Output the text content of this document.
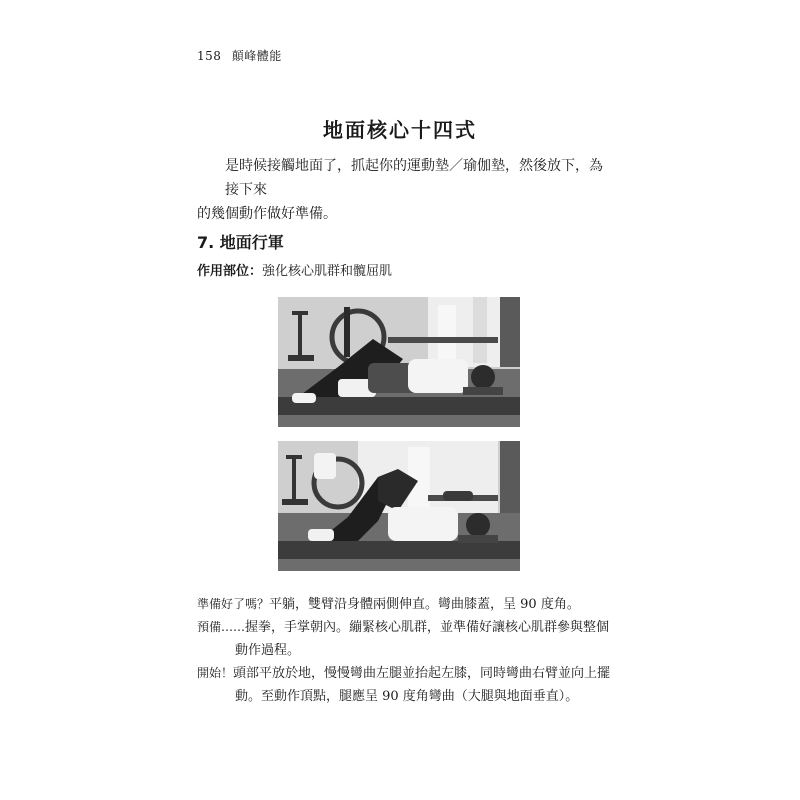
158 顛峰體能
地面核心十四式
是時候接觸地面了，抓起你的運動墊／瑜伽墊，然後放下，為接下來
的幾個動作做好準備。
7. 地面行軍
作用部位：強化核心肌群和髖屈肌
準備好了嗎？平躺，雙臂沿身體兩側伸直。彎曲膝蓋，呈 90 度角。
預備……握拳，手掌朝內。繃緊核心肌群，並準備好讓核心肌群參與整個
動作過程。
開始！頭部平放於地，慢慢彎曲左腿並抬起左膝，同時彎曲右臂並向上擺
動。至動作頂點，腿應呈 90 度角彎曲（大腿與地面垂直）。
